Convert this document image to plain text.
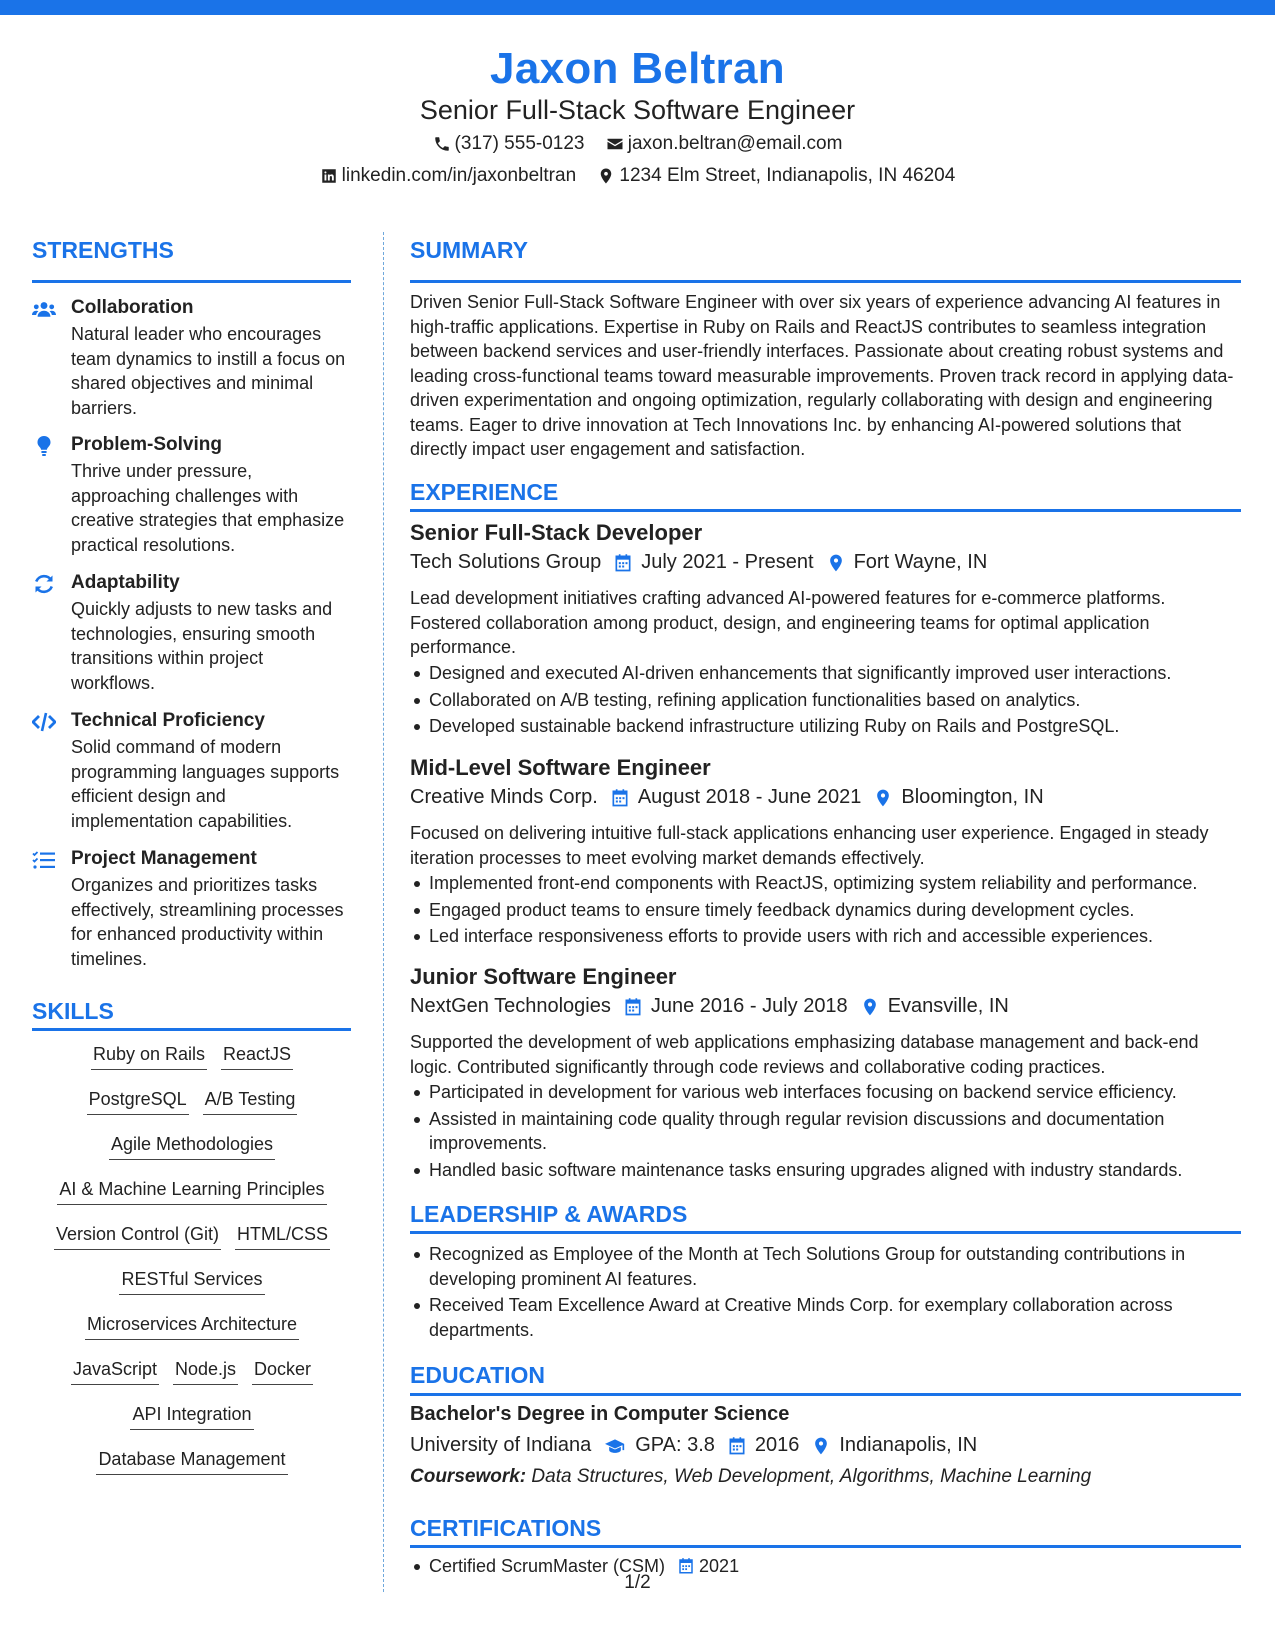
Jaxon Beltran
Senior Full-Stack Software Engineer
(317) 555-0123
jaxon.beltran@email.com
linkedin.com/in/jaxonbeltran
1234 Elm Street, Indianapolis, IN 46204
STRENGTHS
Collaboration
Natural leader who encourages team dynamics to instill a focus on shared objectives and minimal barriers.
Problem-Solving
Thrive under pressure, approaching challenges with creative strategies that emphasize practical resolutions.
Adaptability
Quickly adjusts to new tasks and technologies, ensuring smooth transitions within project workflows.
Technical Proficiency
Solid command of modern programming languages supports efficient design and implementation capabilities.
Project Management
Organizes and prioritizes tasks effectively, streamlining processes for enhanced productivity within timelines.
SKILLS
Ruby on Rails ReactJS
PostgreSQL A/B Testing
Agile Methodologies
AI & Machine Learning Principles
Version Control (Git) HTML/CSS
RESTful Services
Microservices Architecture
JavaScript Node.js Docker
API Integration
Database Management
SUMMARY
Driven Senior Full-Stack Software Engineer with over six years of experience advancing AI features in high-traffic applications. Expertise in Ruby on Rails and ReactJS contributes to seamless integration between backend services and user-friendly interfaces. Passionate about creating robust systems and leading cross-functional teams toward measurable improvements. Proven track record in applying data-driven experimentation and ongoing optimization, regularly collaborating with design and engineering teams. Eager to drive innovation at Tech Innovations Inc. by enhancing AI-powered solutions that directly impact user engagement and satisfaction.
EXPERIENCE
Senior Full-Stack Developer
Tech Solutions Group July 2021 - Present Fort Wayne, IN
Lead development initiatives crafting advanced AI-powered features for e-commerce platforms. Fostered collaboration among product, design, and engineering teams for optimal application performance.
Designed and executed AI-driven enhancements that significantly improved user interactions.
Collaborated on A/B testing, refining application functionalities based on analytics.
Developed sustainable backend infrastructure utilizing Ruby on Rails and PostgreSQL.
Mid-Level Software Engineer
Creative Minds Corp. August 2018 - June 2021 Bloomington, IN
Focused on delivering intuitive full-stack applications enhancing user experience. Engaged in steady iteration processes to meet evolving market demands effectively.
Implemented front-end components with ReactJS, optimizing system reliability and performance.
Engaged product teams to ensure timely feedback dynamics during development cycles.
Led interface responsiveness efforts to provide users with rich and accessible experiences.
Junior Software Engineer
NextGen Technologies June 2016 - July 2018 Evansville, IN
Supported the development of web applications emphasizing database management and back-end logic. Contributed significantly through code reviews and collaborative coding practices.
Participated in development for various web interfaces focusing on backend service efficiency.
Assisted in maintaining code quality through regular revision discussions and documentation improvements.
Handled basic software maintenance tasks ensuring upgrades aligned with industry standards.
LEADERSHIP & AWARDS
Recognized as Employee of the Month at Tech Solutions Group for outstanding contributions in developing prominent AI features.
Received Team Excellence Award at Creative Minds Corp. for exemplary collaboration across departments.
EDUCATION
Bachelor's Degree in Computer Science
University of Indiana GPA: 3.8 2016 Indianapolis, IN
Coursework: Data Structures, Web Development, Algorithms, Machine Learning
CERTIFICATIONS
Certified ScrumMaster (CSM) 2021
1/2
